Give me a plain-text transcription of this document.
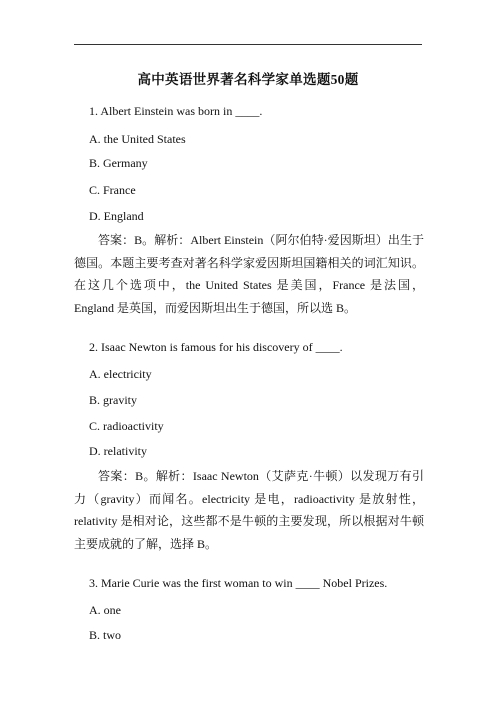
高中英语世界著名科学家单选题50题
1. Albert Einstein was born in ____.
A. the United States
B. Germany
C. France
D. England
答案：B。解析：Albert Einstein（阿尔伯特·爱因斯坦）出生于德国。本题主要考查对著名科学家爱因斯坦国籍相关的词汇知识。在这几个选项中，the United States 是美国，France 是法国，England 是英国，而爱因斯坦出生于德国，所以选 B。
2. Isaac Newton is famous for his discovery of ____.
A. electricity
B. gravity
C. radioactivity
D. relativity
答案：B。解析：Isaac Newton（艾萨克·牛顿）以发现万有引力（gravity）而闻名。electricity 是电，radioactivity 是放射性，relativity 是相对论，这些都不是牛顿的主要发现，所以根据对牛顿主要成就的了解，选择 B。
3. Marie Curie was the first woman to win ____ Nobel Prizes.
A. one
B. two
